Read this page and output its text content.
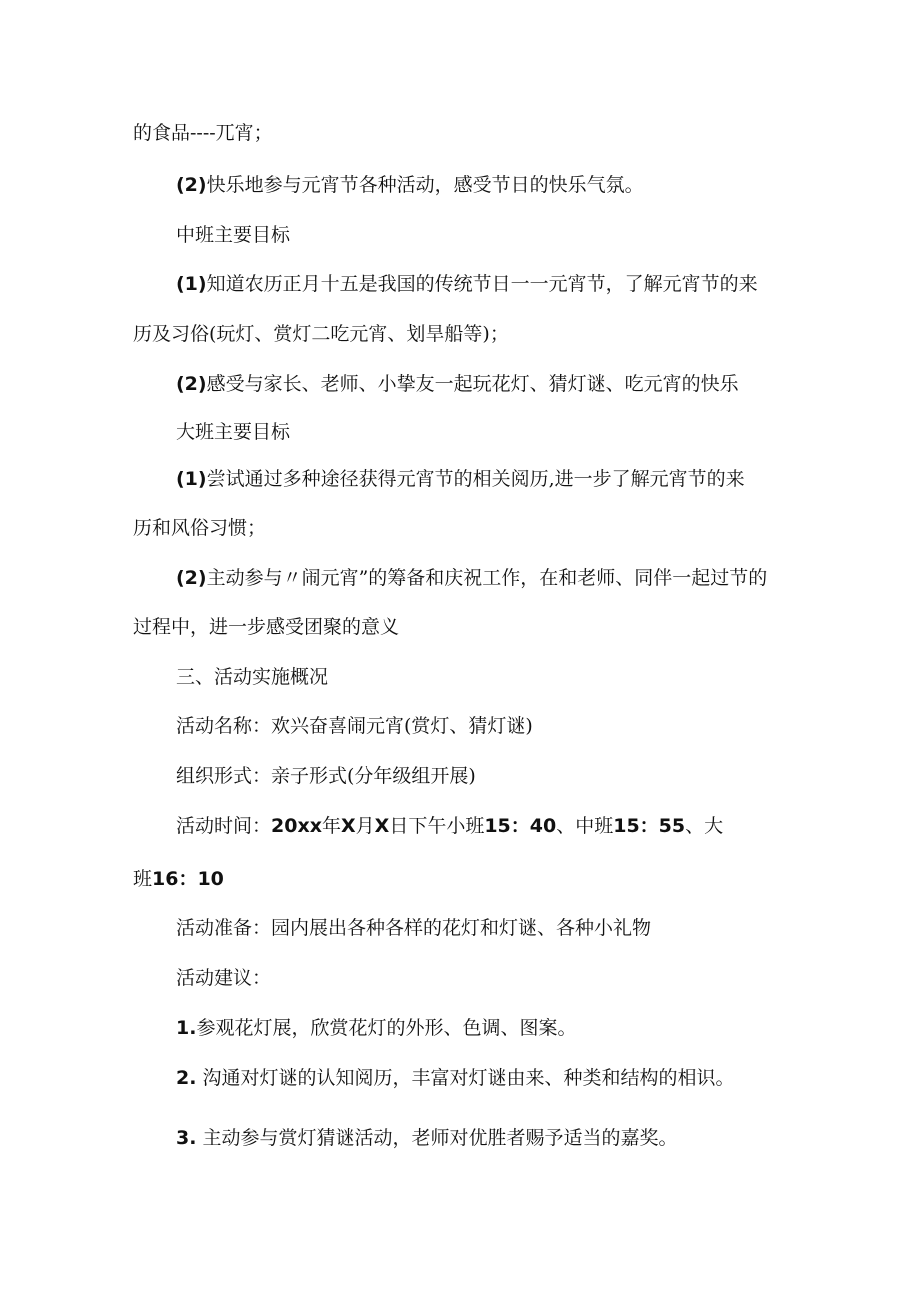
的食品----兀宵；
(2)快乐地参与元宵节各种活动，感受节日的快乐气氛。
中班主要目标
(1)知道农历正月十五是我国的传统节日一一元宵节，了解元宵节的来
历及习俗(玩灯、赏灯二吃元宵、划旱船等)；
(2)感受与家长、老师、小挚友一起玩花灯、猜灯谜、吃元宵的快乐
大班主要目标
(1)尝试通过多种途径获得元宵节的相关阅历,进一步了解元宵节的来
历和风俗习惯；
(2)主动参与〃闹元宵”的筹备和庆祝工作，在和老师、同伴一起过节的
过程中，进一步感受团聚的意义
三、活动实施概况
活动名称：欢兴奋喜闹元宵(赏灯、猜灯谜)
组织形式：亲子形式(分年级组开展)
活动时间：20xx年X月X日下午小班15：40、中班15：55、大
班16：10
活动准备：园内展出各种各样的花灯和灯谜、各种小礼物
活动建议：
1.参观花灯展，欣赏花灯的外形、色调、图案。
2. 沟通对灯谜的认知阅历，丰富对灯谜由来、种类和结构的相识。
3. 主动参与赏灯猜谜活动，老师对优胜者赐予适当的嘉奖。
